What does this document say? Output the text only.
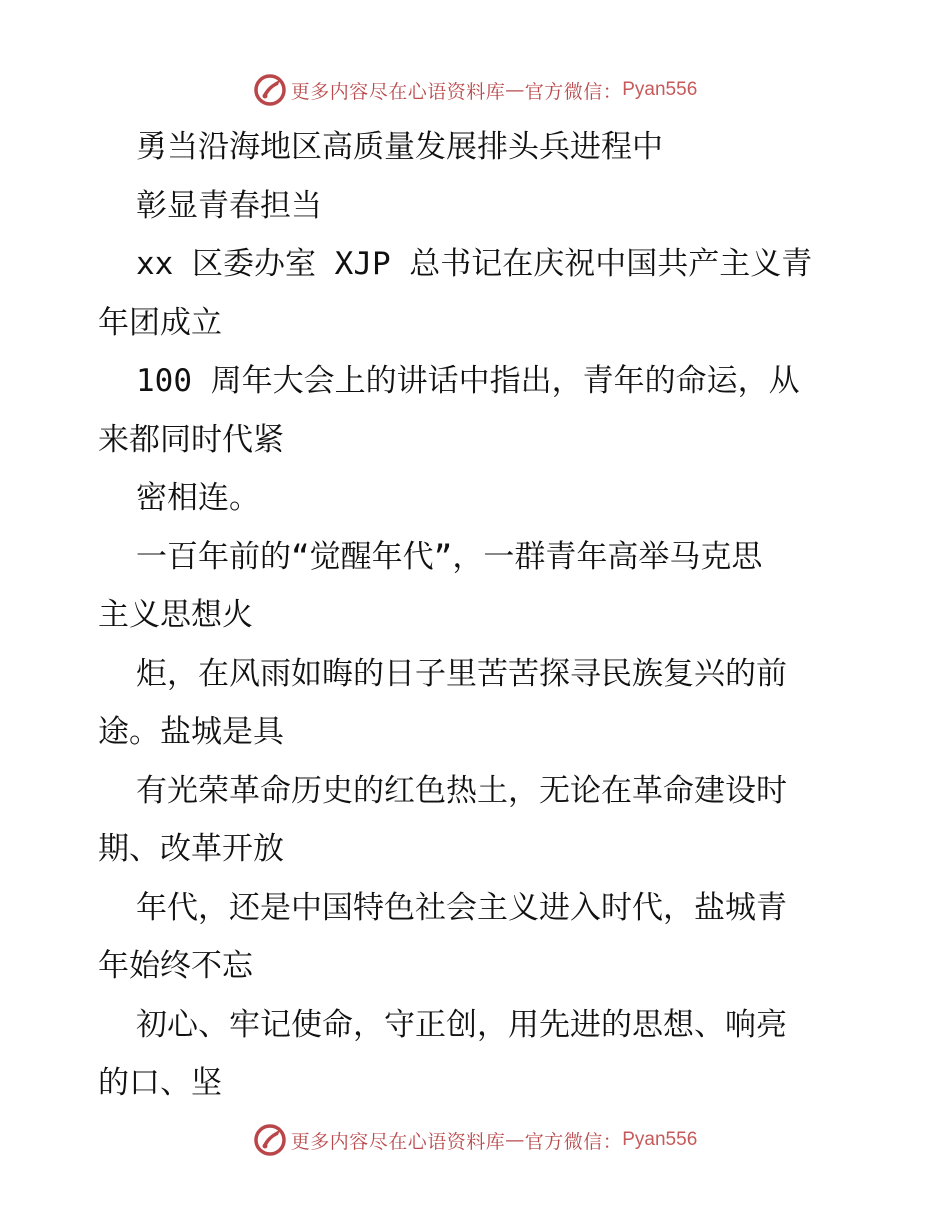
更多内容尽在心语资料库 — 官方微信： Pyan556
勇当沿海地区高质量发展排头兵进程中
彰显青春担当
xx 区委办室 XJP 总书记在庆祝中国共产主义青
年团成立
100 周年大会上的讲话中指出，青年的命运，从
来都同时代紧
密相连。
一百年前的“觉醒年代”，一群青年高举马克思
主义思想火
炬，在风雨如晦的日子里苦苦探寻民族复兴的前
途。盐城是具
有光荣革命历史的红色热土，无论在革命建设时
期、改革开放
年代，还是中国特色社会主义进入时代，盐城青
年始终不忘
初心、牢记使命，守正创，用先进的思想、响亮
的口、坚
更多内容尽在心语资料库 — 官方微信： Pyan556
